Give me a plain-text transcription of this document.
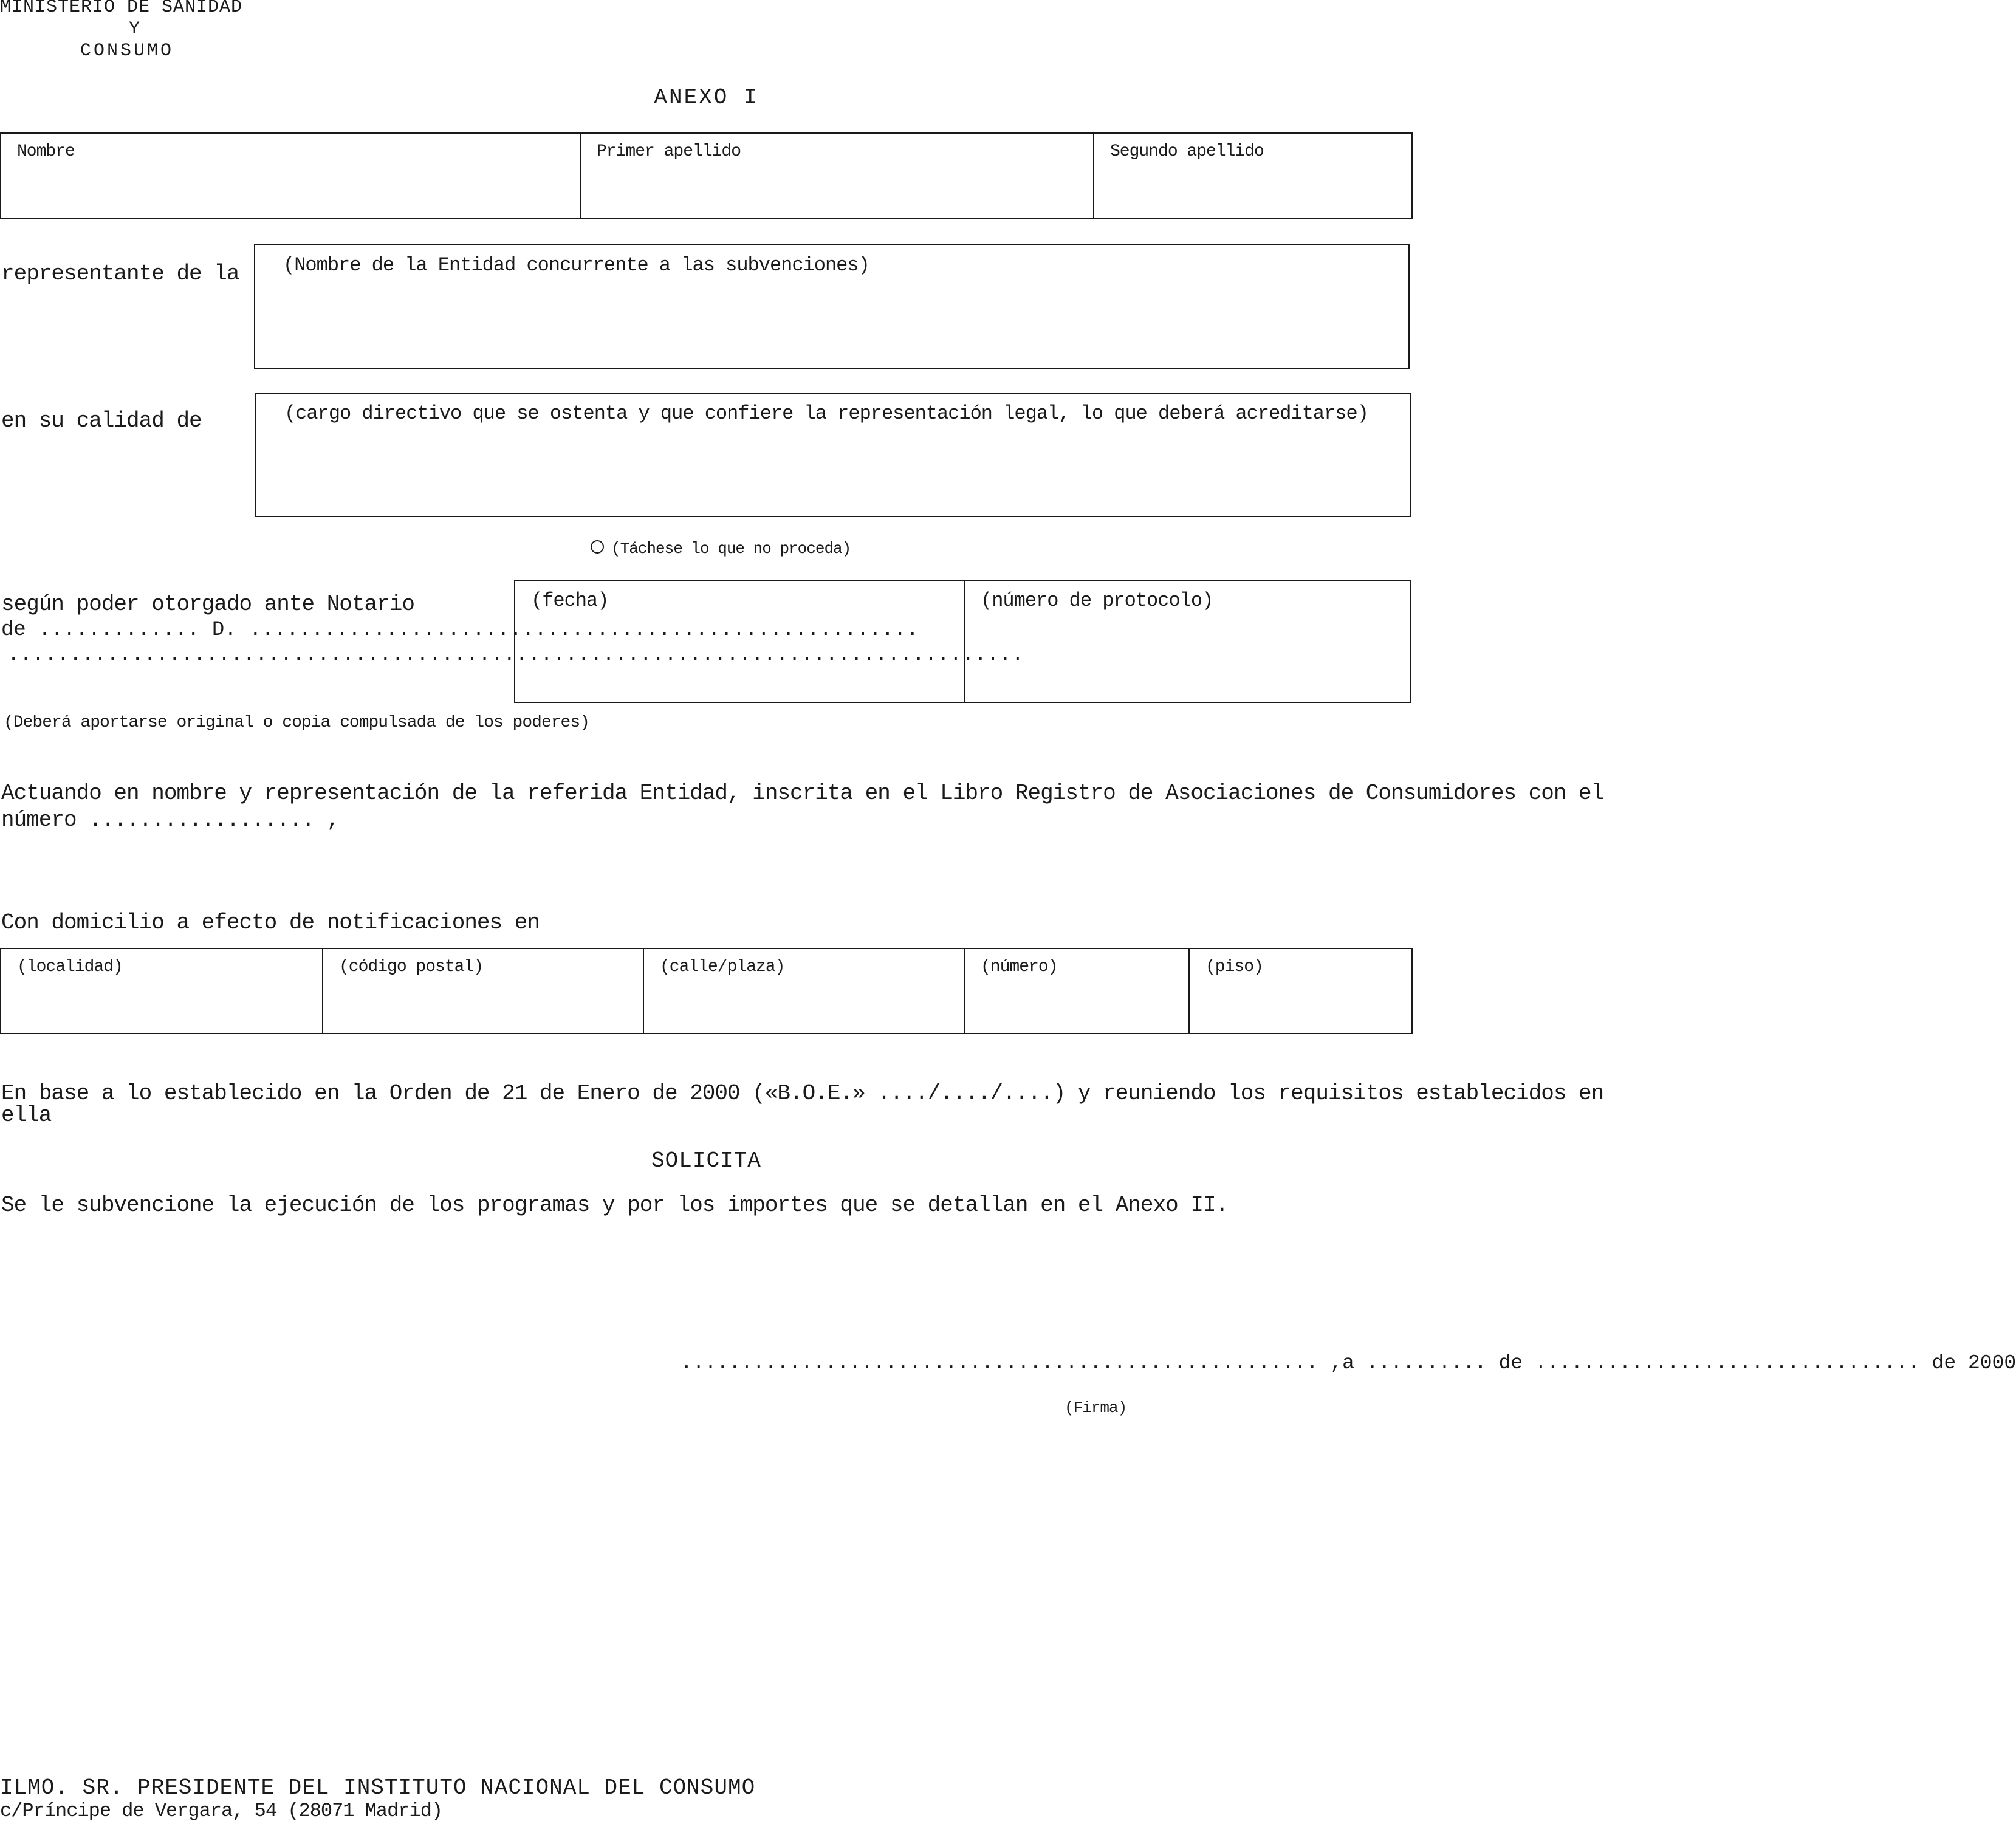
MINISTERIO DE SANIDAD
Y
CONSUMO
ANEXO I
Nombre	Primer apellido	Segundo apellido
representante de la (Nombre de la Entidad concurrente a las subvenciones)
en su calidad de	(cargo directivo que se ostenta y que confiere la representación legal, lo que deberá acreditarse)
(Táchese lo que no proceda)
según poder otorgado ante Notario
de ............. D. ......................................................
..................................................................................
(fecha)	(número de protocolo)
(Deberá aportarse original o copia compulsada de los poderes)
Actuando en nombre y representación de la referida Entidad, inscrita en el Libro Registro de Asociaciones de Consumidores con el
número .................. ,
Con domicilio a efecto de notificaciones en
(localidad)	(código postal)	(calle/plaza)	(número)	(piso)
En base a lo establecido en la Orden de 21 de Enero de 2000 («B.O.E.» ..../..../....) y reuniendo los requisitos establecidos en
ella
SOLICITA
Se le subvencione la ejecución de los programas y por los importes que se detallan en el Anexo II.
..................................................... ,a .......... de ................................ de 2000
(Firma)
ILMO. SR. PRESIDENTE DEL INSTITUTO NACIONAL DEL CONSUMO
c/Príncipe de Vergara, 54 (28071 Madrid)
